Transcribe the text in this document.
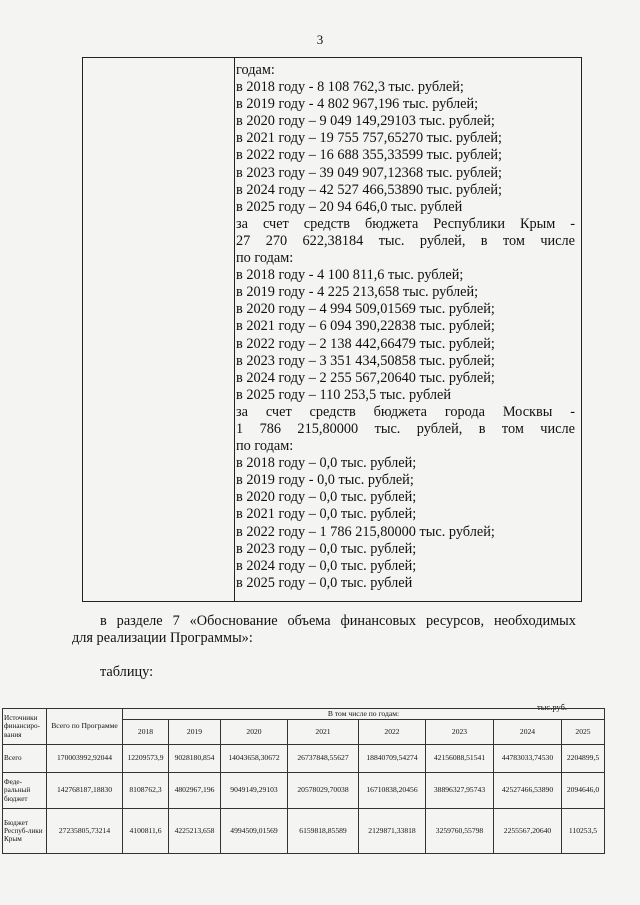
3
годам:
в 2018 году - 8 108 762,3 тыс. рублей;
в 2019 году - 4 802 967,196 тыс. рублей;
в 2020 году – 9 049 149,29103 тыс. рублей;
в 2021 году – 19 755 757,65270 тыс. рублей;
в 2022 году – 16 688 355,33599 тыс. рублей;
в 2023 году – 39 049 907,12368 тыс. рублей;
в 2024 году – 42 527 466,53890 тыс. рублей;
в 2025 году – 20 94 646,0 тыс. рублей
за счет средств бюджета Республики Крым -
27 270 622,38184 тыс. рублей, в том числе
по годам:
в 2018 году - 4 100 811,6 тыс. рублей;
в 2019 году - 4 225 213,658 тыс. рублей;
в 2020 году – 4 994 509,01569 тыс. рублей;
в 2021 году – 6 094 390,22838 тыс. рублей;
в 2022 году – 2 138 442,66479 тыс. рублей;
в 2023 году – 3 351 434,50858 тыс. рублей;
в 2024 году – 2 255 567,20640 тыс. рублей;
в 2025 году – 110 253,5 тыс. рублей
за счет средств бюджета города Москвы -
1 786 215,80000 тыс. рублей, в том числе
по годам:
в 2018 году – 0,0 тыс. рублей;
в 2019 году - 0,0 тыс. рублей;
в 2020 году – 0,0 тыс. рублей;
в 2021 году – 0,0 тыс. рублей;
в 2022 году – 1 786 215,80000 тыс. рублей;
в 2023 году – 0,0 тыс. рублей;
в 2024 году – 0,0 тыс. рублей;
в 2025 году – 0,0 тыс. рублей
в разделе 7 «Обоснование объема финансовых ресурсов, необходимых
для реализации Программы»:
таблицу:
тыс.руб.
Источники финансиро-вания	Всего по Программе	В том числе по годам:							
		2018	2019	2020	2021	2022	2023	2024	2025
Всего	170003992,92044	12209573,9	9028180,854	14043658,30672	26737848,55627	18840709,54274	42156088,51541	44783033,74530	2204899,5
Феде-ральный бюджет	142768187,18830	8108762,3	4802967,196	9049149,29103	20578029,70038	16710838,20456	38896327,95743	42527466,53890	2094646,0
Бюджет Респуб-лики Крым	27235805,73214	4100811,6	4225213,658	4994509,01569	6159818,85589	2129871,33818	3259760,55798	2255567,20640	110253,5
